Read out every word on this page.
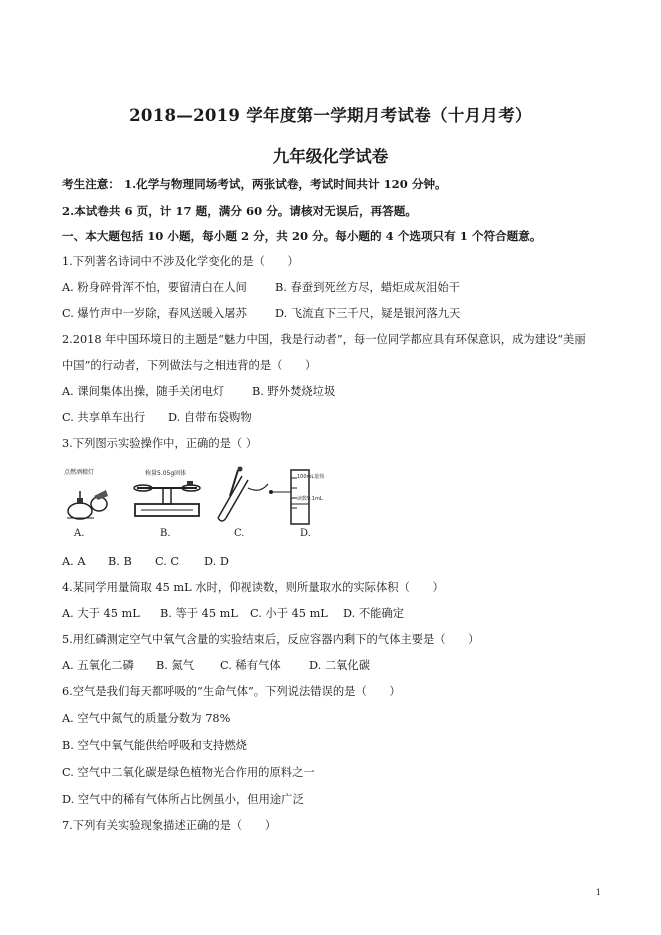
2018—2019 学年度第一学期月考试卷（十月月考）
九年级化学试卷
考生注意： 1.化学与物理同场考试，两张试卷，考试时间共计 120 分钟。
2.本试卷共 6 页，计 17 题，满分 60 分。请核对无误后，再答题。
一、本大题包括 10 小题，每小题 2 分，共 20 分。每小题的 4 个选项只有 1 个符合题意。
1.下列著名诗词中不涉及化学变化的是（　　）
A. 粉身碎骨浑不怕，要留清白在人间 B. 春蚕到死丝方尽，蜡炬成灰泪始干
C. 爆竹声中一岁除，春风送暖入屠苏 D. 飞流直下三千尺，疑是银河落九天
2.2018 年中国环境日的主题是“魅力中国，我是行动者”，每一位同学都应具有环保意识，成为建设“美丽
中国”的行动者，下列做法与之相违背的是（　　）
A. 课间集体出操，随手关闭电灯 B. 野外焚烧垃圾
C. 共享单车出行 D. 自带布袋购物
3.下列图示实验操作中，正确的是（ ）
点燃酒精灯
A.
称量5.05g固体
B.	C.
100mL量筒
读数9.1mL
D.
A. A B. B C. C D. D
4.某同学用量筒取 45 mL 水时，仰视读数，则所量取水的实际体积（　　）
A. 大于 45 mL B. 等于 45 mL C. 小于 45 mL D. 不能确定
5.用红磷测定空气中氧气含量的实验结束后，反应容器内剩下的气体主要是（　　）
A. 五氧化二磷 B. 氮气 C. 稀有气体	D. 二氧化碳
6.空气是我们每天都呼吸的“生命气体”。下列说法错误的是（　　）
A. 空气中氮气的质量分数为 78%
B. 空气中氧气能供给呼吸和支持燃烧
C. 空气中二氧化碳是绿色植物光合作用的原料之一
D. 空气中的稀有气体所占比例虽小，但用途广泛
7.下列有关实验现象描述正确的是（　　）
1
